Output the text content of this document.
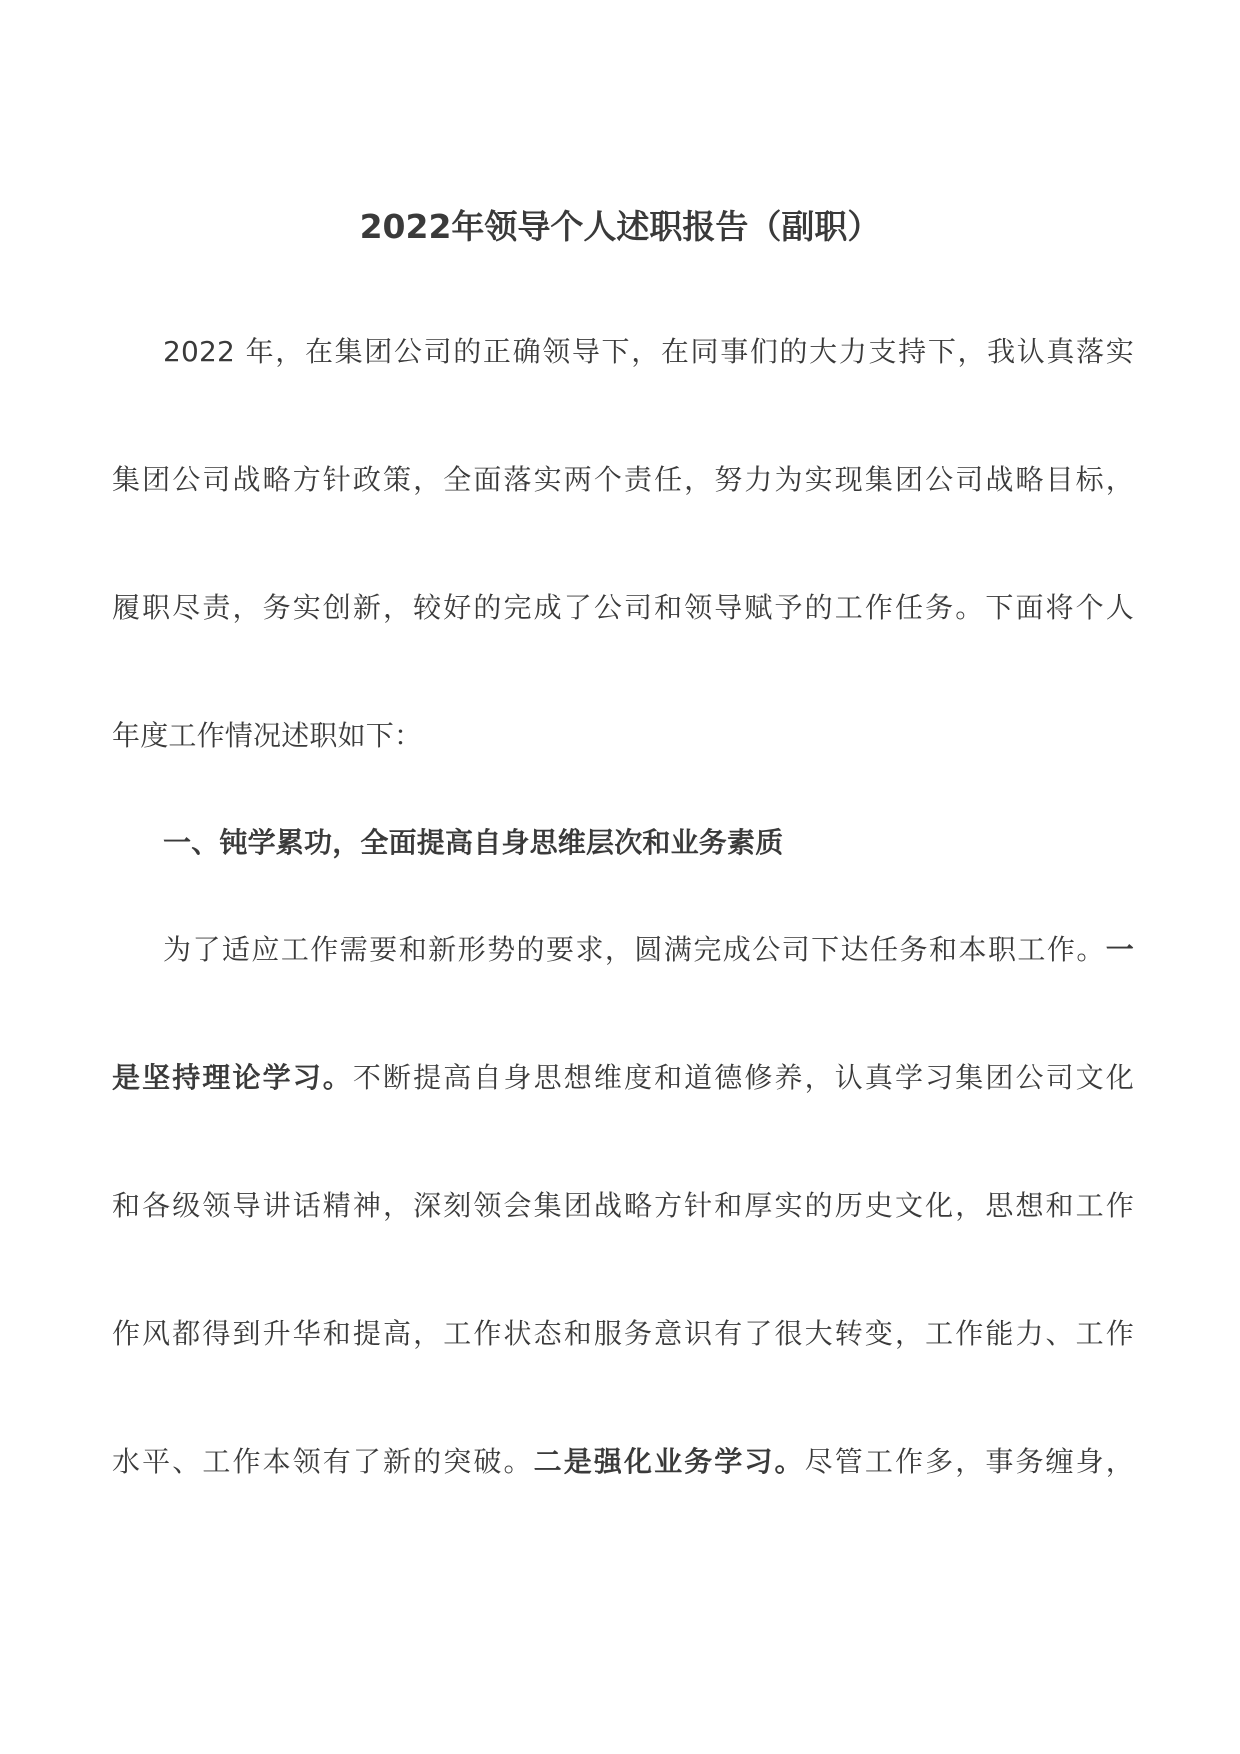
2022年领导个人述职报告（副职）
2022 年，在集团公司的正确领导下，在同事们的大力支持下，我认真落实
集团公司战略方针政策，全面落实两个责任，努力为实现集团公司战略目标，
履职尽责，务实创新，较好的完成了公司和领导赋予的工作任务。下面将个人
年度工作情况述职如下：
一、钝学累功，全面提高自身思维层次和业务素质
为了适应工作需要和新形势的要求，圆满完成公司下达任务和本职工作。一
是坚持理论学习。不断提高自身思想维度和道德修养，认真学习集团公司文化
和各级领导讲话精神，深刻领会集团战略方针和厚实的历史文化，思想和工作
作风都得到升华和提高，工作状态和服务意识有了很大转变，工作能力、工作
水平、工作本领有了新的突破。二是强化业务学习。尽管工作多，事务缠身，
